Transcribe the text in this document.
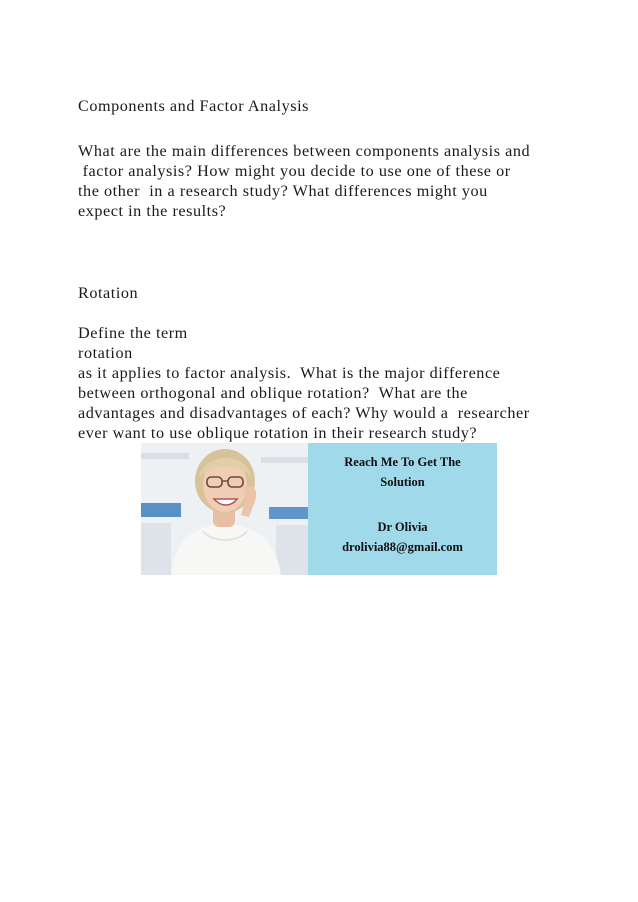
Components and Factor Analysis
What are the main differences between components analysis and
factor analysis? How might you decide to use one of these or
the other  in a research study? What differences might you
expect in the results?
Rotation
Define the term
rotation
as it applies to factor analysis.  What is the major difference
between orthogonal and oblique rotation?  What are the
advantages and disadvantages of each? Why would a  researcher
ever want to use oblique rotation in their research study?
Reach Me To Get The
Solution
Dr Olivia
drolivia88@gmail.com
